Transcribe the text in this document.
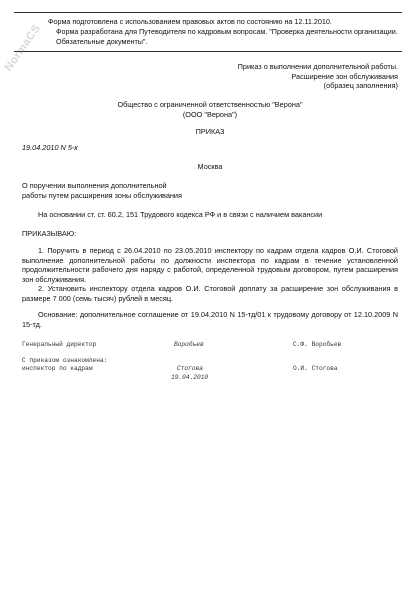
NormaCS

Форма подготовлена с использованием правовых актов по состоянию на 12.11.2010.

Форма разработана для Путеводителя по кадровым вопросам. "Проверка деятельности организации. Обязательные документы".

Приказ о выполнении дополнительной работы.
Расширение зон обслуживания
(образец заполнения)
Общество с ограниченной ответственностью "Верона"
(ООО "Верона")
ПРИКАЗ
19.04.2010 N 5-к
Москва
О поручении выполнения дополнительной
работы путем расширения зоны обслуживания
На основании ст. ст. 60.2, 151 Трудового кодекса РФ и в связи с наличием вакансии
ПРИКАЗЫВАЮ:

1. Поручить в период с 26.04.2010 по 23.05.2010 инспектору по кадрам отдела кадров О.И. Стоговой выполнение дополнительной работы по должности инспектора по кадрам в течение установленной продолжительности рабочего дня наряду с работой, определенной трудовым договором, путем расширения зон обслуживания.

2. Установить инспектору отдела кадров О.И. Стоговой доплату за расширение зон обслуживания в размере 7 000 (семь тысяч) рублей в месяц.

Основание: дополнительное соглашение от 19.04.2010 N 15-тд/01 к трудовому договору от 12.10.2009 N 15-тд.

Генеральный директор	Воробьев	С.Ф. Воробьев
С приказом ознакомлена:
инспектор по кадрам	Стогова	О.И. Стогова
19.04.2010
